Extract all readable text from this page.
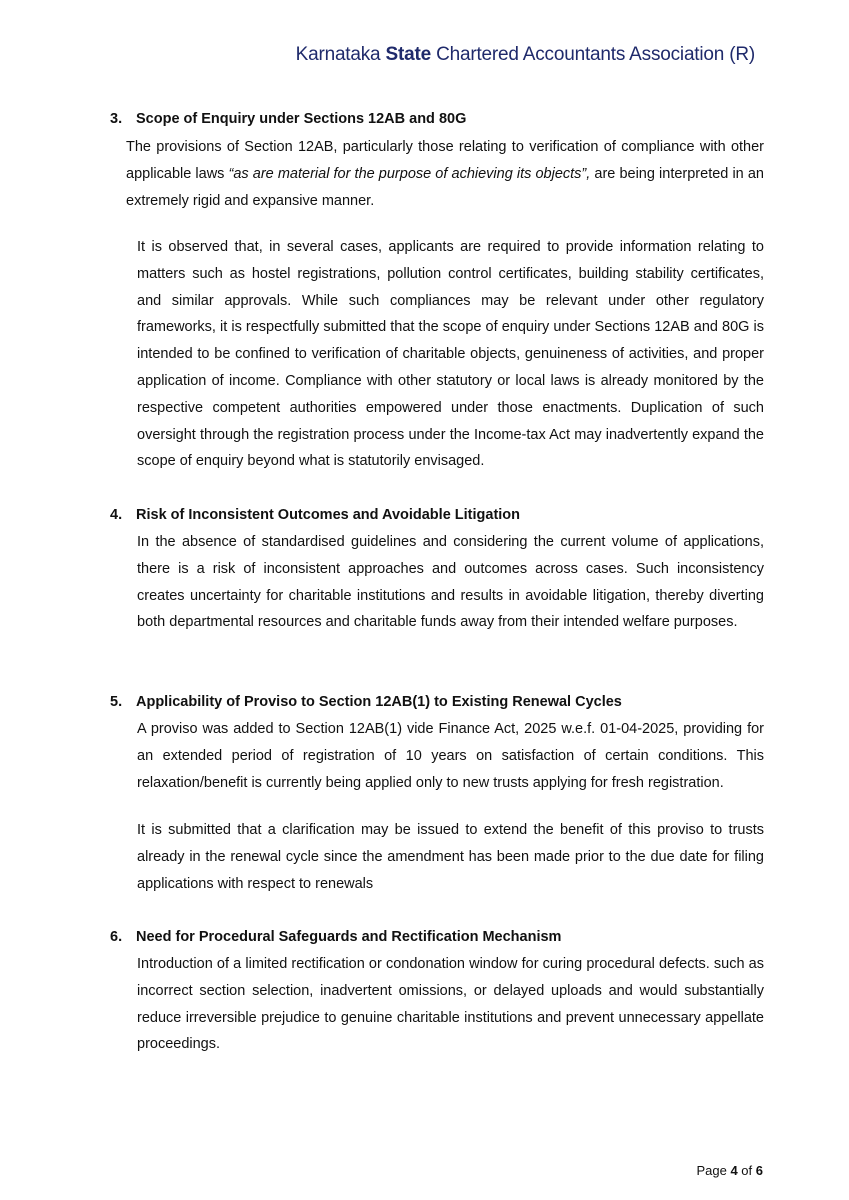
Karnataka State Chartered Accountants Association (R)
3. Scope of Enquiry under Sections 12AB and 80G
The provisions of Section 12AB, particularly those relating to verification of compliance with other applicable laws “as are material for the purpose of achieving its objects”, are being interpreted in an extremely rigid and expansive manner.
It is observed that, in several cases, applicants are required to provide information relating to matters such as hostel registrations, pollution control certificates, building stability certificates, and similar approvals. While such compliances may be relevant under other regulatory frameworks, it is respectfully submitted that the scope of enquiry under Sections 12AB and 80G is intended to be confined to verification of charitable objects, genuineness of activities, and proper application of income. Compliance with other statutory or local laws is already monitored by the respective competent authorities empowered under those enactments. Duplication of such oversight through the registration process under the Income-tax Act may inadvertently expand the scope of enquiry beyond what is statutorily envisaged.
4. Risk of Inconsistent Outcomes and Avoidable Litigation
In the absence of standardised guidelines and considering the current volume of applications, there is a risk of inconsistent approaches and outcomes across cases. Such inconsistency creates uncertainty for charitable institutions and results in avoidable litigation, thereby diverting both departmental resources and charitable funds away from their intended welfare purposes.
5. Applicability of Proviso to Section 12AB(1) to Existing Renewal Cycles
A proviso was added to Section 12AB(1) vide Finance Act, 2025 w.e.f. 01-04-2025, providing for an extended period of registration of 10 years on satisfaction of certain conditions. This relaxation/benefit is currently being applied only to new trusts applying for fresh registration.
It is submitted that a clarification may be issued to extend the benefit of this proviso to trusts already in the renewal cycle since the amendment has been made prior to the due date for filing applications with respect to renewals
6. Need for Procedural Safeguards and Rectification Mechanism
Introduction of a limited rectification or condonation window for curing procedural defects. such as incorrect section selection, inadvertent omissions, or delayed uploads and would substantially reduce irreversible prejudice to genuine charitable institutions and prevent unnecessary appellate proceedings.
Page 4 of 6
